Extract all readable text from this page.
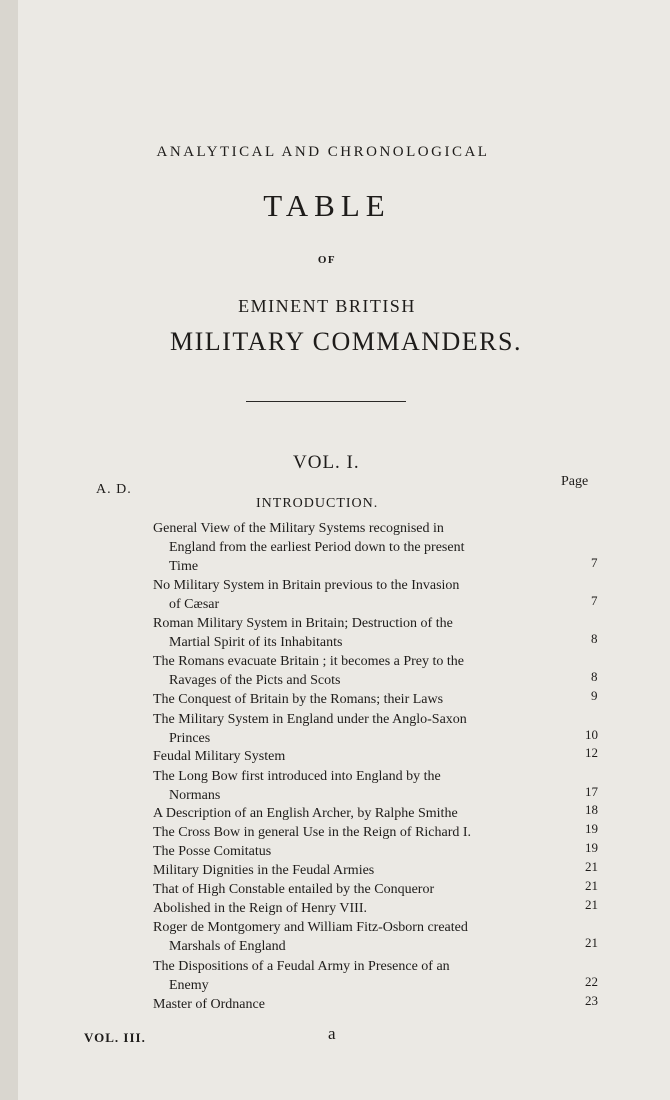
ANALYTICAL AND CHRONOLOGICAL
TABLE
OF
EMINENT BRITISH
MILITARY COMMANDERS.
VOL. I.
A. D.
Page
INTRODUCTION.
General View of the Military Systems recognised in
England from the earliest Period down to the present
Time	7
No Military System in Britain previous to the Invasion
of Cæsar	7
Roman Military System in Britain; Destruction of the
Martial Spirit of its Inhabitants	8
The Romans evacuate Britain ; it becomes a Prey to the
Ravages of the Picts and Scots	8
The Conquest of Britain by the Romans; their Laws	9
The Military System in England under the Anglo-Saxon
Princes	10
Feudal Military System	12
The Long Bow first introduced into England by the
Normans	17
A Description of an English Archer, by Ralphe Smithe	18
The Cross Bow in general Use in the Reign of Richard I.	19
The Posse Comitatus	19
Military Dignities in the Feudal Armies	21
That of High Constable entailed by the Conqueror	21
Abolished in the Reign of Henry VIII.	21
Roger de Montgomery and William Fitz-Osborn created
Marshals of England	21
The Dispositions of a Feudal Army in Presence of an
Enemy	22
Master of Ordnance	23
VOL. III.	a
